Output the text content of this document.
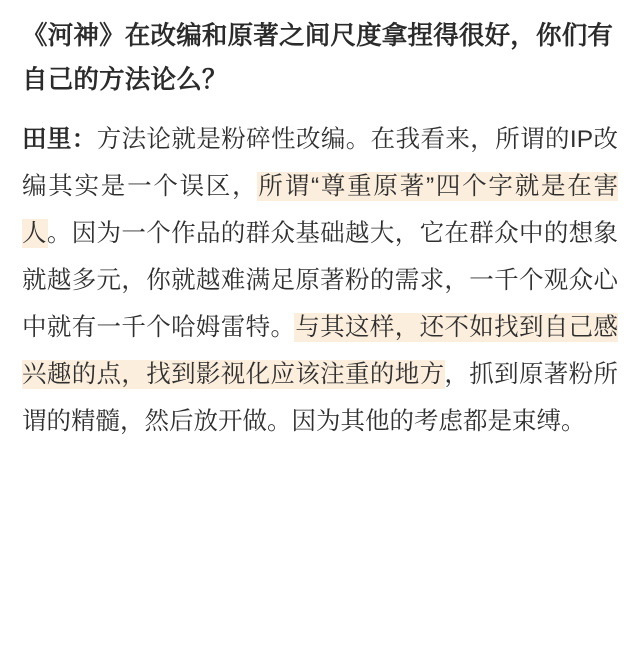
《河神》在改编和原著之间尺度拿捏得很好，你们有自己的方法论么？

田里：方法论就是粉碎性改编。在我看来，所谓的IP改编其实是一个误区，所谓“尊重原著”四个字就是在害人。因为一个作品的群众基础越大，它在群众中的想象就越多元，你就越难满足原著粉的需求，一千个观众心中就有一千个哈姆雷特。与其这样，还不如找到自己感兴趣的点，找到影视化应该注重的地方，抓到原著粉所谓的精髓，然后放开做。因为其他的考虑都是束缚。
